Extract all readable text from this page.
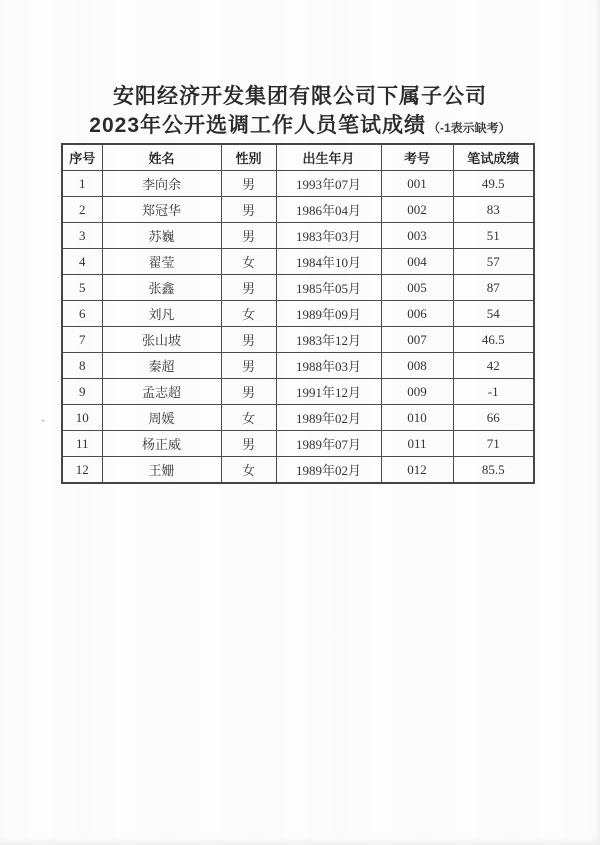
安阳经济开发集团有限公司下属子公司
2023年公开选调工作人员笔试成绩 （-1表示缺考）
序号	姓名	性别	出生年月	考号	笔试成绩
1	李向余	男	1993年07月	001	49.5
2	郑冠华	男	1986年04月	002	83
3	苏巍	男	1983年03月	003	51
4	翟莹	女	1984年10月	004	57
5	张鑫	男	1985年05月	005	87
6	刘凡	女	1989年09月	006	54
7	张山坡	男	1983年12月	007	46.5
8	秦超	男	1988年03月	008	42
9	孟志超	男	1991年12月	009	-1
10	周媛	女	1989年02月	010	66
11	杨正威	男	1989年07月	011	71
12	王姗	女	1989年02月	012	85.5
